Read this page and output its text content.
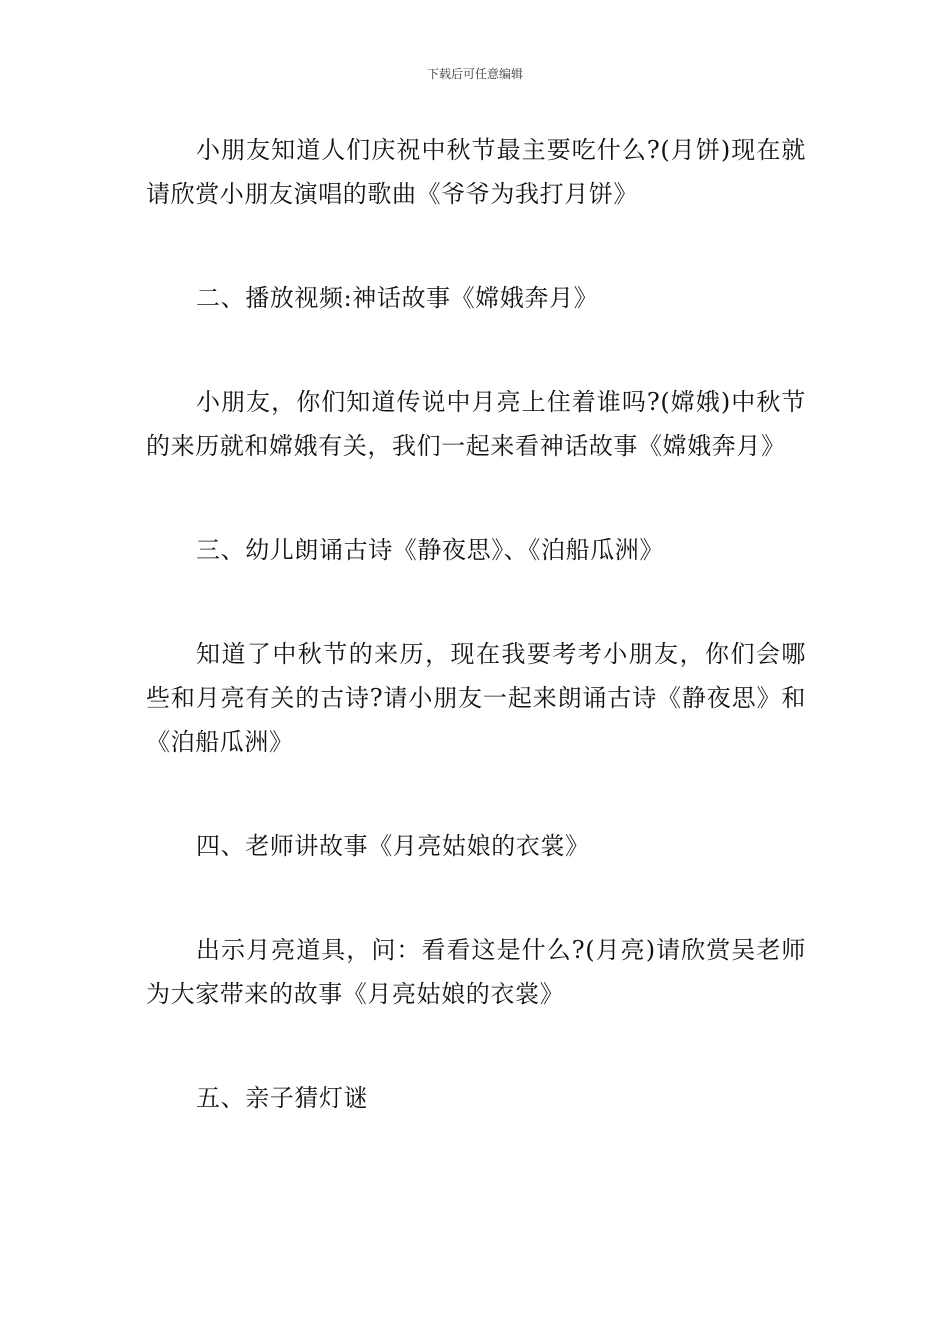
下载后可任意编辑

小朋友知道人们庆祝中秋节最主要吃什么?(月饼)现在就请欣赏小朋友演唱的歌曲《爷爷为我打月饼》

二、播放视频:神话故事《嫦娥奔月》

小朋友，你们知道传说中月亮上住着谁吗?(嫦娥)中秋节的来历就和嫦娥有关，我们一起来看神话故事《嫦娥奔月》

三、幼儿朗诵古诗《静夜思》、《泊船瓜洲》

知道了中秋节的来历，现在我要考考小朋友，你们会哪些和月亮有关的古诗?请小朋友一起来朗诵古诗《静夜思》和《泊船瓜洲》

四、老师讲故事《月亮姑娘的衣裳》

出示月亮道具，问：看看这是什么?(月亮)请欣赏吴老师为大家带来的故事《月亮姑娘的衣裳》

五、亲子猜灯谜
